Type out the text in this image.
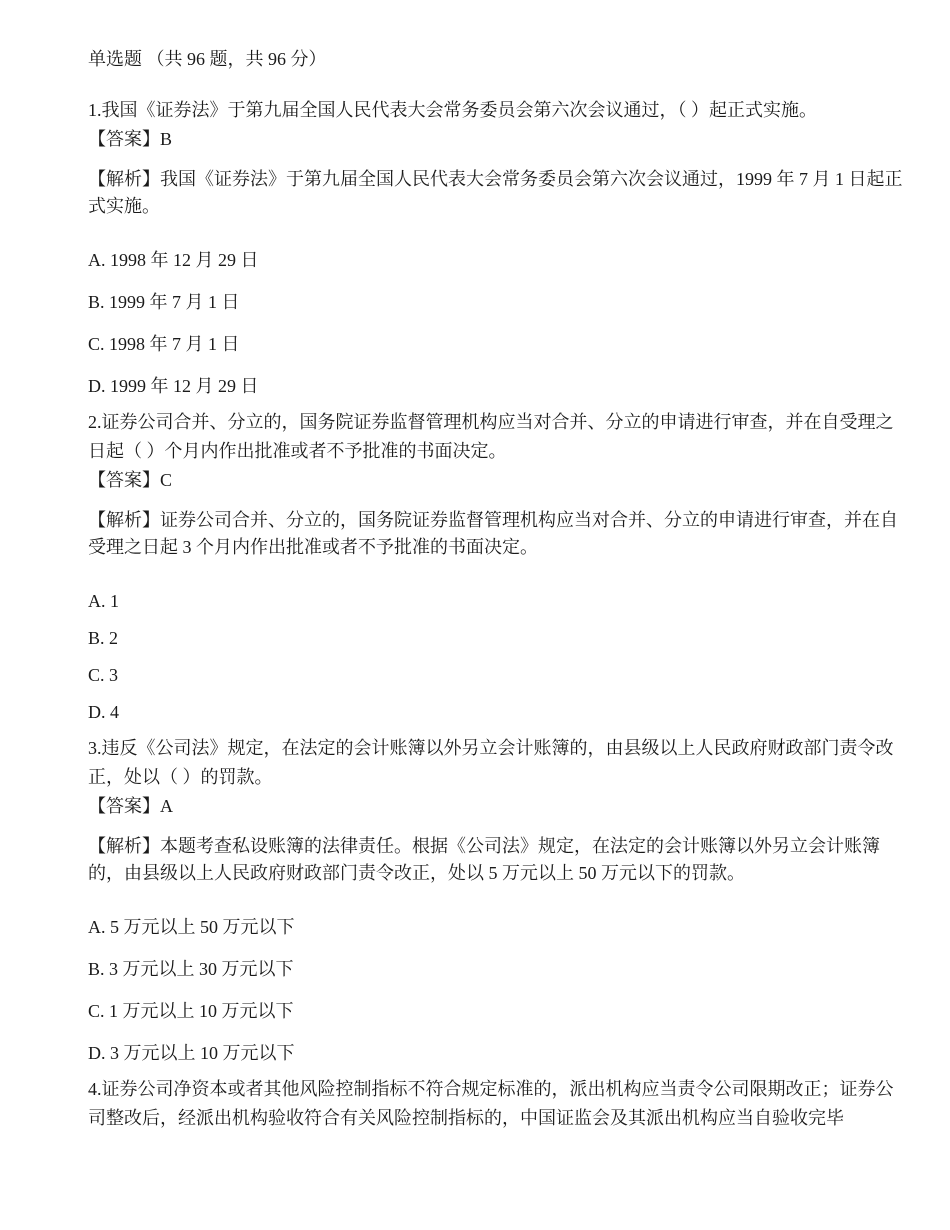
单选题 （共 96 题，共 96 分）
1.我国《证券法》于第九届全国人民代表大会常务委员会第六次会议通过，（ ）起正式实施。
【答案】B
【解析】我国《证券法》于第九届全国人民代表大会常务委员会第六次会议通过，1999 年 7 月 1 日起正式实施。
A. 1998 年 12 月 29 日
B. 1999 年 7 月 1 日
C. 1998 年 7 月 1 日
D. 1999 年 12 月 29 日
2.证券公司合并、分立的，国务院证券监督管理机构应当对合并、分立的申请进行审查，并在自受理之日起（ ）个月内作出批准或者不予批准的书面决定。
【答案】C
【解析】证券公司合并、分立的，国务院证券监督管理机构应当对合并、分立的申请进行审查，并在自受理之日起 3 个月内作出批准或者不予批准的书面决定。
A. 1
B. 2
C. 3
D. 4
3.违反《公司法》规定，在法定的会计账簿以外另立会计账簿的，由县级以上人民政府财政部门责令改正，处以（ ）的罚款。
【答案】A
【解析】本题考查私设账簿的法律责任。根据《公司法》规定，在法定的会计账簿以外另立会计账簿的，由县级以上人民政府财政部门责令改正，处以 5 万元以上 50 万元以下的罚款。
A. 5 万元以上 50 万元以下
B. 3 万元以上 30 万元以下
C. 1 万元以上 10 万元以下
D. 3 万元以上 10 万元以下
4.证券公司净资本或者其他风险控制指标不符合规定标准的，派出机构应当责令公司限期改正；证券公司整改后，经派出机构验收符合有关风险控制指标的，中国证监会及其派出机构应当自验收完毕
